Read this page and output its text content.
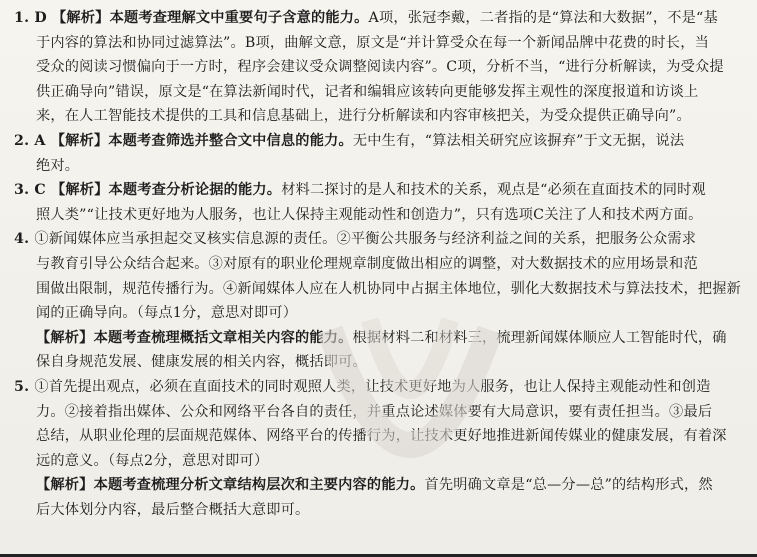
1. D 【解析】本题考查理解文中重要句子含意的能力。A项，张冠李戴，二者指的是“算法和大数据”，不是“基
于内容的算法和协同过滤算法”。B项，曲解文意，原文是“并计算受众在每一个新闻品牌中花费的时长，当
受众的阅读习惯偏向于一方时，程序会建议受众调整阅读内容”。C项，分析不当，“进行分析解读，为受众提
供正确导向”错误，原文是“在算法新闻时代，记者和编辑应该转向更能够发挥主观性的深度报道和访谈上
来，在人工智能技术提供的工具和信息基础上，进行分析解读和内容审核把关，为受众提供正确导向”。
2. A 【解析】本题考查筛选并整合文中信息的能力。无中生有，“算法相关研究应该摒弃”于文无据，说法
绝对。
3. C 【解析】本题考查分析论据的能力。材料二探讨的是人和技术的关系，观点是“必须在直面技术的同时观
照人类”“让技术更好地为人服务，也让人保持主观能动性和创造力”，只有选项C关注了人和技术两方面。
4. ①新闻媒体应当承担起交叉核实信息源的责任。②平衡公共服务与经济利益之间的关系，把服务公众需求
与教育引导公众结合起来。③对原有的职业伦理规章制度做出相应的调整，对大数据技术的应用场景和范
围做出限制，规范传播行为。④新闻媒体人应在人机协同中占据主体地位，驯化大数据技术与算法技术，把握新
闻的正确导向。（每点1分，意思对即可）
【解析】本题考查梳理概括文章相关内容的能力。根据材料二和材料三，梳理新闻媒体顺应人工智能时代，确
保自身规范发展、健康发展的相关内容，概括即可。
5. ①首先提出观点，必须在直面技术的同时观照人类，让技术更好地为人服务，也让人保持主观能动性和创造
力。②接着指出媒体、公众和网络平台各自的责任，并重点论述媒体要有大局意识，要有责任担当。③最后
总结，从职业伦理的层面规范媒体、网络平台的传播行为，让技术更好地推进新闻传媒业的健康发展，有着深
远的意义。（每点2分，意思对即可）
【解析】本题考查梳理分析文章结构层次和主要内容的能力。首先明确文章是“总—分—总”的结构形式，然
后大体划分内容，最后整合概括大意即可。
